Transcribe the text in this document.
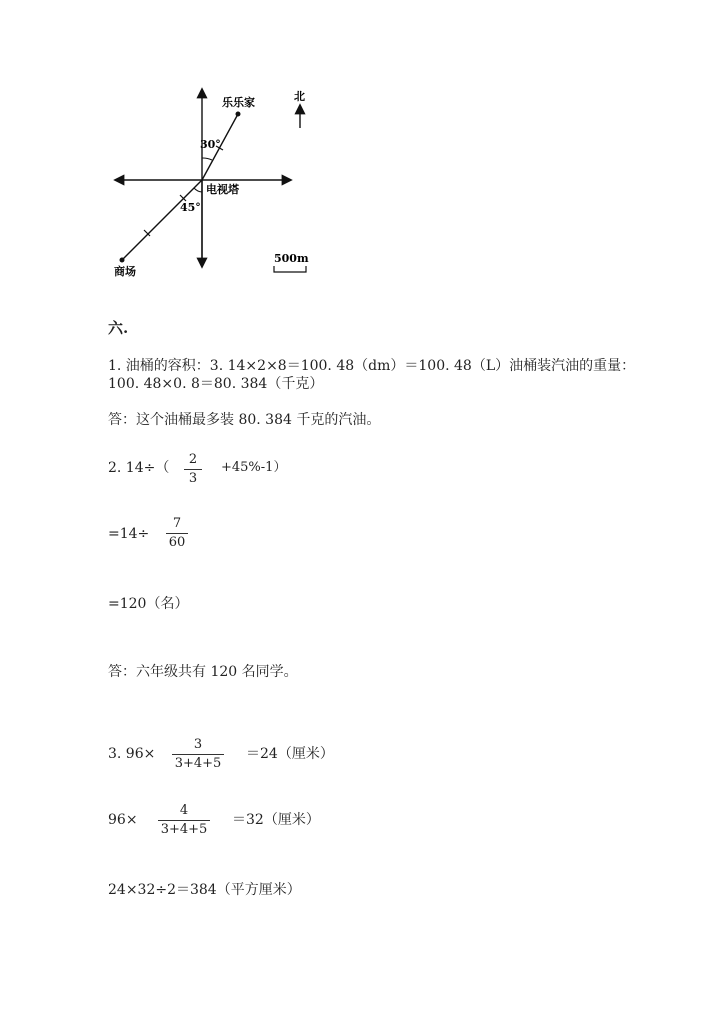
乐乐家	北
30°
电视塔
45°
商场
500m
六.
1. 油桶的容积：3. 14×2×8＝100. 48（dm）＝100. 48（L）油桶装汽油的重量：
100. 48×0. 8＝80. 384（千克）
答：这个油桶最多装 80. 384 千克的汽油。
2. 14÷（
2
3
+45%-1）
=14÷
7
60
=120（名）
答：六年级共有 120 名同学。
3. 96×
3
3+4+5
＝24（厘米）
96×
4
3+4+5
＝32（厘米）
24×32÷2＝384（平方厘米）
